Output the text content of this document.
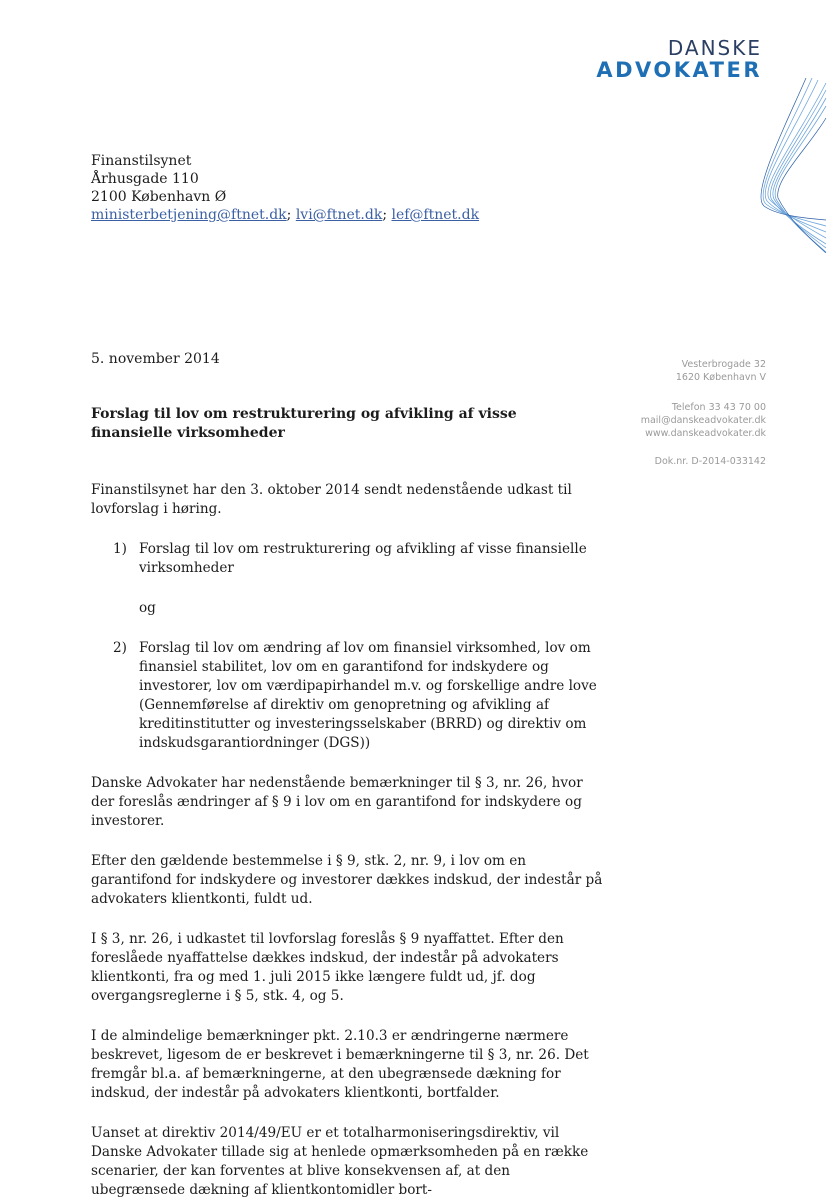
DANSKE
ADVOKATER
Finanstilsynet
Århusgade 110
2100 København Ø
ministerbetjening@ftnet.dk; lvi@ftnet.dk; lef@ftnet.dk
Vesterbrogade 32
1620 København V
Telefon 33 43 70 00
mail@danskeadvokater.dk
www.danskeadvokater.dk
Dok.nr. D-2014-033142
5. november 2014
Forslag til lov om restrukturering og afvikling af visse finansielle virksomheder

Finanstilsynet har den 3. oktober 2014 sendt nedenstående udkast til lovforslag i høring.

1) Forslag til lov om restrukturering og afvikling af visse finansielle virksomheder

og

2) Forslag til lov om ændring af lov om finansiel virksomhed, lov om finansiel stabilitet, lov om en garantifond for indskydere og investorer, lov om værdipapirhandel m.v. og forskellige andre love (Gennemførelse af direktiv om genopretning og afvikling af kreditinstitutter og investeringsselskaber (BRRD) og direktiv om indskudsgarantiordninger (DGS))

Danske Advokater har nedenstående bemærkninger til § 3, nr. 26, hvor der foreslås ændringer af § 9 i lov om en garantifond for indskydere og investorer.

Efter den gældende bestemmelse i § 9, stk. 2, nr. 9, i lov om en garantifond for indskydere og investorer dækkes indskud, der indestår på advokaters klientkonti, fuldt ud.

I § 3, nr. 26, i udkastet til lovforslag foreslås § 9 nyaffattet. Efter den foreslåede nyaffattelse dækkes indskud, der indestår på advokaters klientkonti, fra og med 1. juli 2015 ikke længere fuldt ud, jf. dog overgangsreglerne i § 5, stk. 4, og 5.

I de almindelige bemærkninger pkt. 2.10.3 er ændringerne nærmere beskrevet, ligesom de er beskrevet i bemærkningerne til § 3, nr. 26. Det fremgår bl.a. af bemærkningerne, at den ubegrænsede dækning for indskud, der indestår på advokaters klientkonti, bortfalder.

Uanset at direktiv 2014/49/EU er et totalharmoniseringsdirektiv, vil Danske Advokater tillade sig at henlede opmærksomheden på en række scenarier, der kan forventes at blive konsekvensen af, at den ubegrænsede dækning af klientkontomidler bort-
